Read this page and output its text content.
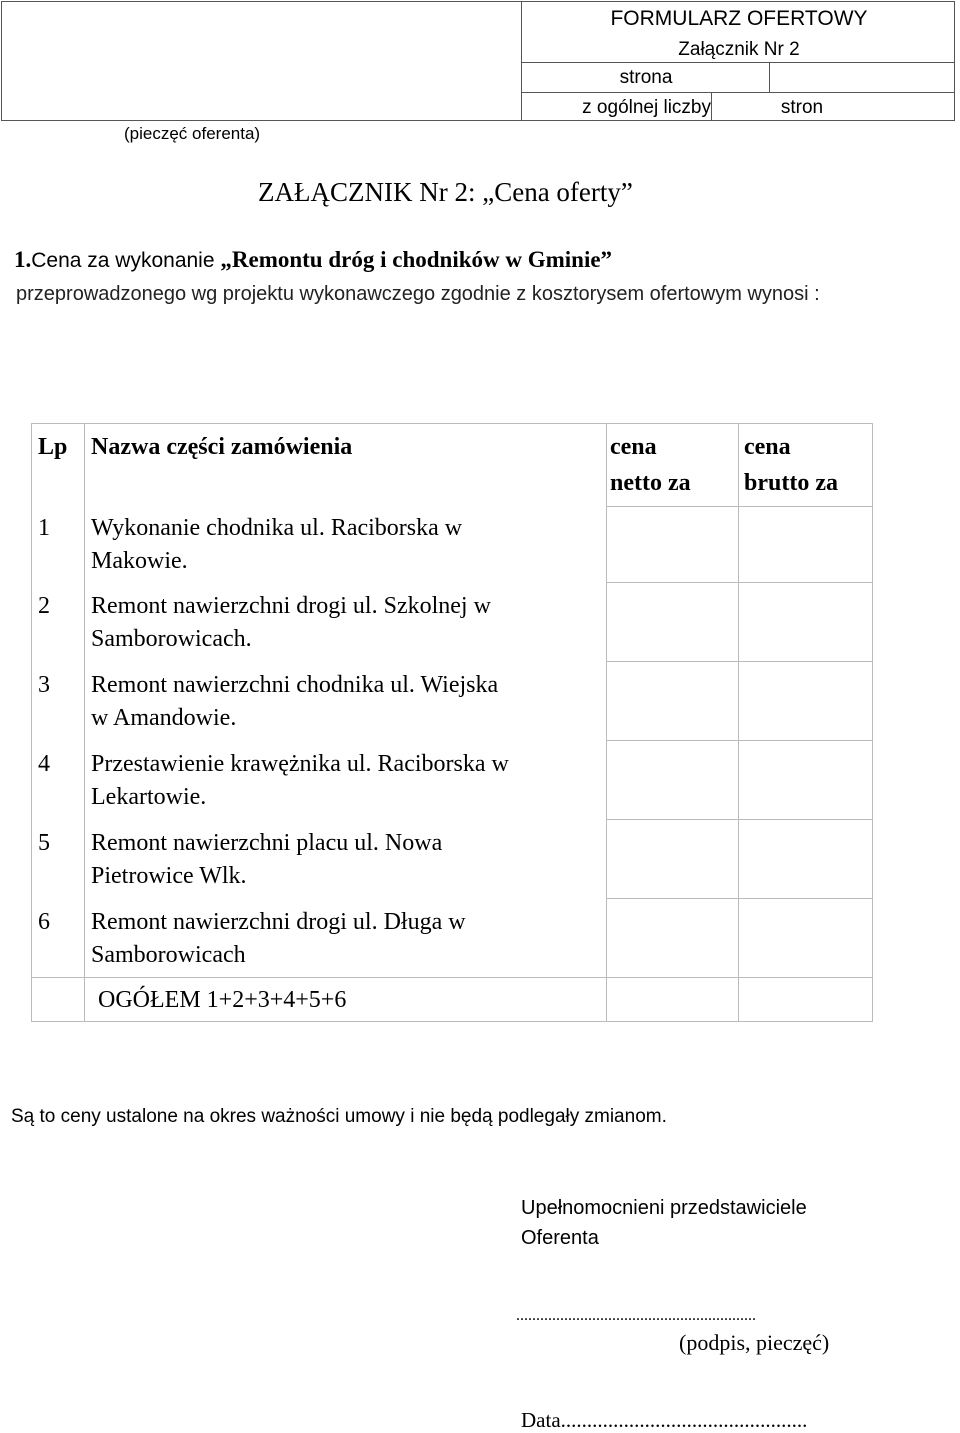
FORMULARZ OFERTOWY
Załącznik Nr 2
strona
z ogólnej liczby	stron
(pieczęć oferenta)
ZAŁĄCZNIK Nr 2: „Cena oferty”
1.Cena za wykonanie „Remontu dróg i chodników w Gminie”
przeprowadzonego wg projektu wykonawczego zgodnie z kosztorysem ofertowym wynosi :
Lp Nazwa części zamówienia	cena
netto za
cena
brutto za
1 Wykonanie chodnika ul. Raciborska w
Makowie.
2 Remont nawierzchni drogi ul. Szkolnej w
Samborowicach.
3 Remont nawierzchni chodnika ul. Wiejska
w Amandowie.
4 Przestawienie krawężnika ul. Raciborska w
Lekartowie.
5 Remont nawierzchni placu ul. Nowa
Pietrowice Wlk.
6 Remont nawierzchni drogi ul. Długa w
Samborowicach
OGÓŁEM 1+2+3+4+5+6
Są to ceny ustalone na okres ważności umowy i nie będą podlegały zmianom.
Upełnomocnieni przedstawiciele
Oferenta
............................................................
(podpis, pieczęć)
Data...............................................
